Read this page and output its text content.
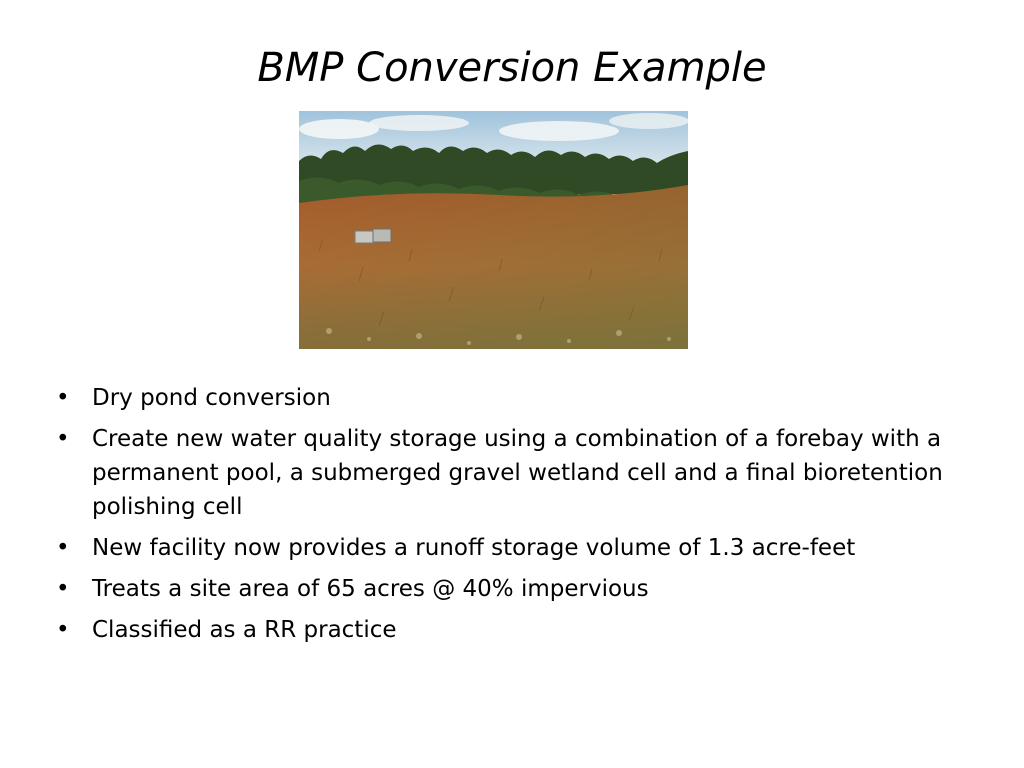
BMP Conversion Example
• Dry pond conversion
• Create new water quality storage using a combination of a forebay with a permanent pool, a submerged gravel wetland cell and a final bioretention polishing cell
• New facility now provides a runoff storage volume of 1.3 acre-feet
• Treats a site area of 65 acres @ 40% impervious
• Classified as a RR practice
